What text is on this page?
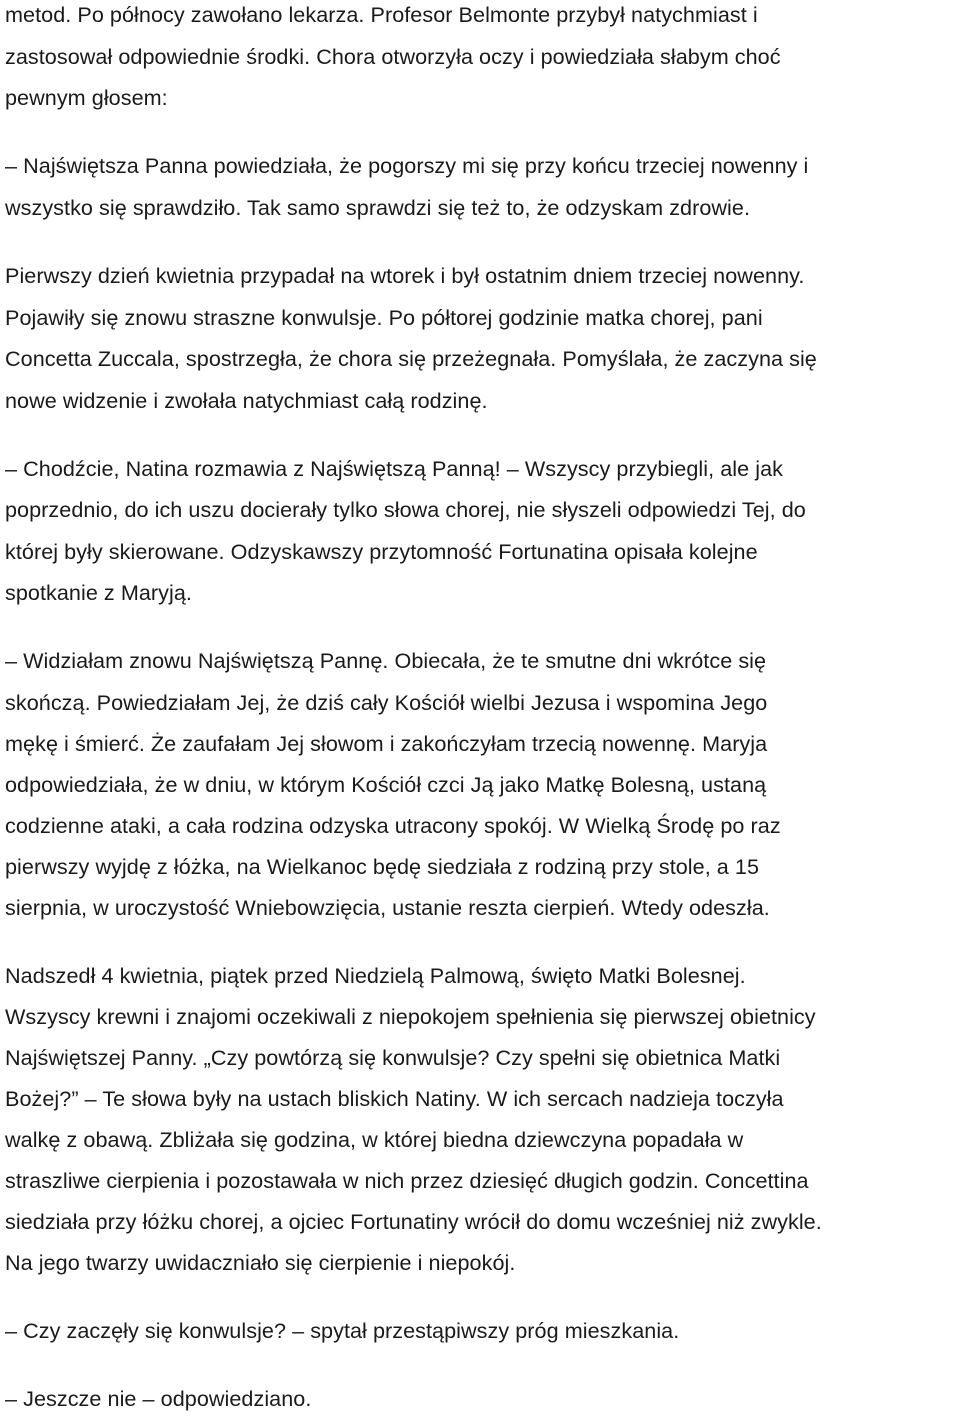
metod. Po północy zawołano lekarza. Profesor Belmonte przybył natychmiast i
zastosował odpowiednie środki. Chora otworzyła oczy i powiedziała słabym choć
pewnym głosem:
– Najświętsza Panna powiedziała, że pogorszy mi się przy końcu trzeciej nowenny i
wszystko się sprawdziło. Tak samo sprawdzi się też to, że odzyskam zdrowie.
Pierwszy dzień kwietnia przypadał na wtorek i był ostatnim dniem trzeciej nowenny.
Pojawiły się znowu straszne konwulsje. Po półtorej godzinie matka chorej, pani
Concetta Zuccala, spostrzegła, że chora się przeżegnała. Pomyślała, że zaczyna się
nowe widzenie i zwołała natychmiast całą rodzinę.
– Chodźcie, Natina rozmawia z Najświętszą Panną! – Wszyscy przybiegli, ale jak
poprzednio, do ich uszu docierały tylko słowa chorej, nie słyszeli odpowiedzi Tej, do
której były skierowane. Odzyskawszy przytomność Fortunatina opisała kolejne
spotkanie z Maryją.
– Widziałam znowu Najświętszą Pannę. Obiecała, że te smutne dni wkrótce się
skończą. Powiedziałam Jej, że dziś cały Kościół wielbi Jezusa i wspomina Jego
mękę i śmierć. Że zaufałam Jej słowom i zakończyłam trzecią nowennę. Maryja
odpowiedziała, że w dniu, w którym Kościół czci Ją jako Matkę Bolesną, ustaną
codzienne ataki, a cała rodzina odzyska utracony spokój. W Wielką Środę po raz
pierwszy wyjdę z łóżka, na Wielkanoc będę siedziała z rodziną przy stole, a 15
sierpnia, w uroczystość Wniebowzięcia, ustanie reszta cierpień. Wtedy odeszła.
Nadszedł 4 kwietnia, piątek przed Niedzielą Palmową, święto Matki Bolesnej.
Wszyscy krewni i znajomi oczekiwali z niepokojem spełnienia się pierwszej obietnicy
Najświętszej Panny. „Czy powtórzą się konwulsje? Czy spełni się obietnica Matki
Bożej?” – Te słowa były na ustach bliskich Natiny. W ich sercach nadzieja toczyła
walkę z obawą. Zbliżała się godzina, w której biedna dziewczyna popadała w
straszliwe cierpienia i pozostawała w nich przez dziesięć długich godzin. Concettina
siedziała przy łóżku chorej, a ojciec Fortunatiny wrócił do domu wcześniej niż zwykle.
Na jego twarzy uwidaczniało się cierpienie i niepokój.
– Czy zaczęły się konwulsje? – spytał przestąpiwszy próg mieszkania.
– Jeszcze nie – odpowiedziano.
